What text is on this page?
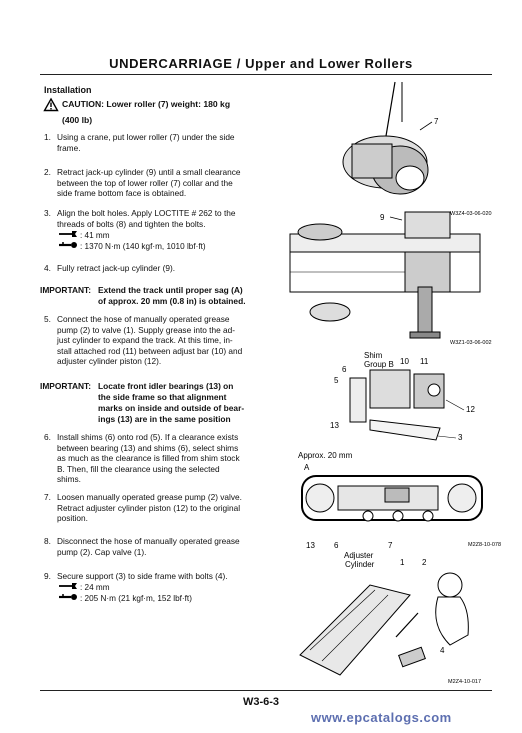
UNDERCARRIAGE / Upper and Lower Rollers
Installation
CAUTION: Lower roller (7) weight: 180 kg
(400 lb)
1. Using a crane, put lower roller (7) under the side
frame.
2. Retract jack-up cylinder (9) until a small clearance
between the top of lower roller (7) collar and the
side frame bottom face is obtained.
3. Align the bolt holes. Apply LOCTITE # 262 to the
threads of bolts (8) and tighten the bolts.
4. Fully retract jack-up cylinder (9).
5. Connect the hose of manually operated grease
pump (2) to valve (1). Supply grease into the ad-
just cylinder to expand the track. At this time, in-
stall attached rod (11) between adjust bar (10) and
adjuster cylinder piston (12).
6. Install shims (6) onto rod (5). If a clearance exists
between bearing (13) and shims (6), select shims
as much as the clearance is filled from shim stock
B. Then, fill the clearance using the selected
shims.
7. Loosen manually operated grease pump (2) valve.
Retract adjuster cylinder piston (12) to the original
position.
8. Disconnect the hose of manually operated grease
pump (2). Cap valve (1).
9. Secure support (3) to side frame with bolts (4).
: 41 mm
: 1370 N·m (140 kgf·m, 1010 lbf·ft)
: 24 mm
: 205 N·m (21 kgf·m, 152 lbf·ft)
IMPORTANT: Extend the track until proper sag (A)
of approx. 20 mm (0.8 in) is obtained.
IMPORTANT: Locate front idler bearings (13) on
the side frame so that alignment
marks on inside and outside of bear-
ings (13) are in the same position
7
W3Z4-03-06-020
9
W3Z1-03-06-002
Shim
Group B 10 11
6
5
12
13
3
Approx. 20 mm
A
M2Z8-10-078
13 6	7
Adjuster
Cylinder	1 2
4
M2Z4-10-017
W3-6-3
www.epcatalogs.com
